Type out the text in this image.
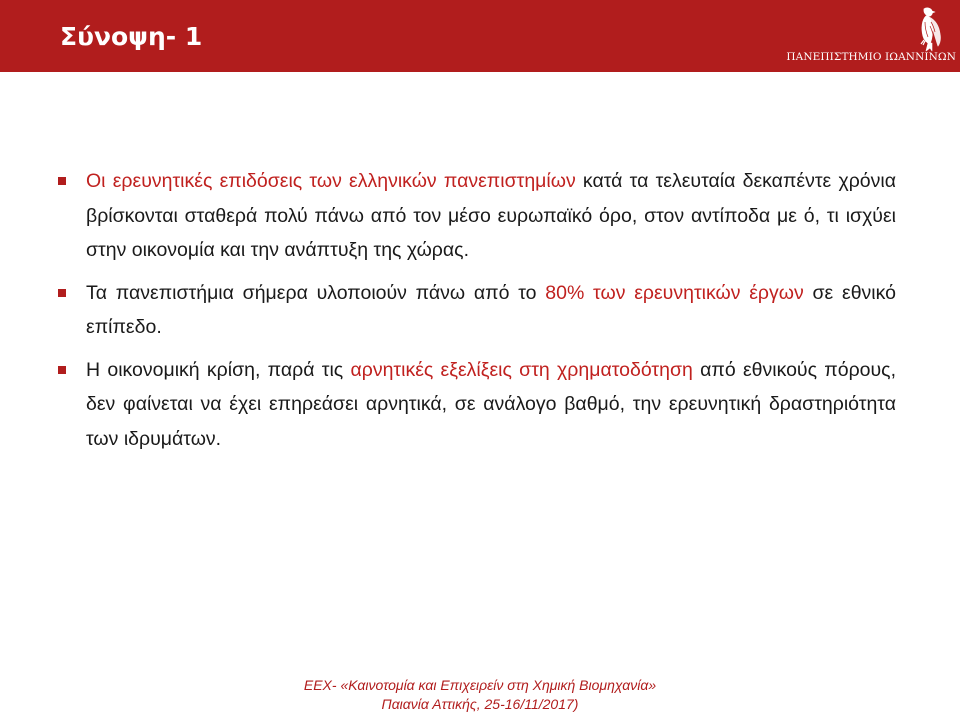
Σύνοψη- 1
ΠΑΝΕΠΙΣΤΗΜΙΟ ΙΩΑΝΝΙΝΩΝ
Οι ερευνητικές επιδόσεις των ελληνικών πανεπιστημίων κατά τα τελευταία δεκαπέντε χρόνια βρίσκονται σταθερά πολύ πάνω από τον μέσο ευρωπαϊκό όρο, στον αντίποδα με ό, τι ισχύει στην οικονομία και την ανάπτυξη της χώρας.
Τα πανεπιστήμια σήμερα υλοποιούν πάνω από το 80% των ερευνητικών έργων σε εθνικό επίπεδο.
Η οικονομική κρίση, παρά τις αρνητικές εξελίξεις στη χρηματοδότηση από εθνικούς πόρους, δεν φαίνεται να έχει επηρεάσει αρνητικά, σε ανάλογο βαθμό, την ερευνητική δραστηριότητα των ιδρυμάτων.
ΕΕΧ- «Καινοτομία και Επιχειρείν στη Χημική Βιομηχανία»
Παιανία Αττικής, 25-16/11/2017)
